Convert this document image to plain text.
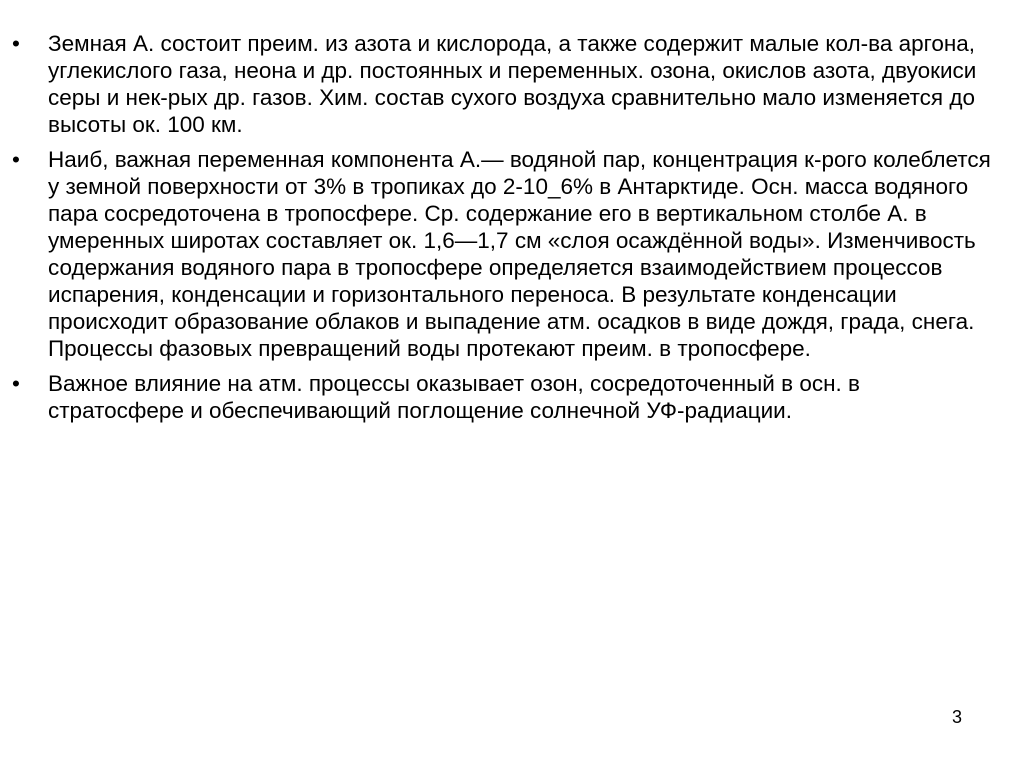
•	Земная А. состоит преим. из азота и кислорода, а также содержит малые кол-ва аргона, углекислого газа, неона и др. постоянных и переменных. озона, окислов азота, двуокиси серы и нек-рых др. газов. Хим. состав сухого воздуха сравнительно мало изменяется до высоты ок. 100 км.
•	Наиб, важная переменная компонента А.— водяной пар, концентрация к-рого колеблется у земной поверхности от 3% в тропиках до 2-10_6% в Антарктиде. Осн. масса водяного пара сосредоточена в тропосфере. Ср. содержание его в вертикальном столбе А. в умеренных широтах составляет ок. 1,6—1,7 см «слоя осаждённой воды». Изменчивость содержания водяного пара в тропосфере определяется взаимодействием процессов испарения, конденсации и горизонтального переноса. В результате конденсации происходит образование облаков и выпадение атм. осадков в виде дождя, града, снега. Процессы фазовых превращений воды протекают преим. в тропосфере.
•	Важное влияние на атм. процессы оказывает озон, сосредоточенный в осн. в стратосфере и обеспечивающий поглощение солнечной УФ-радиации.
3
